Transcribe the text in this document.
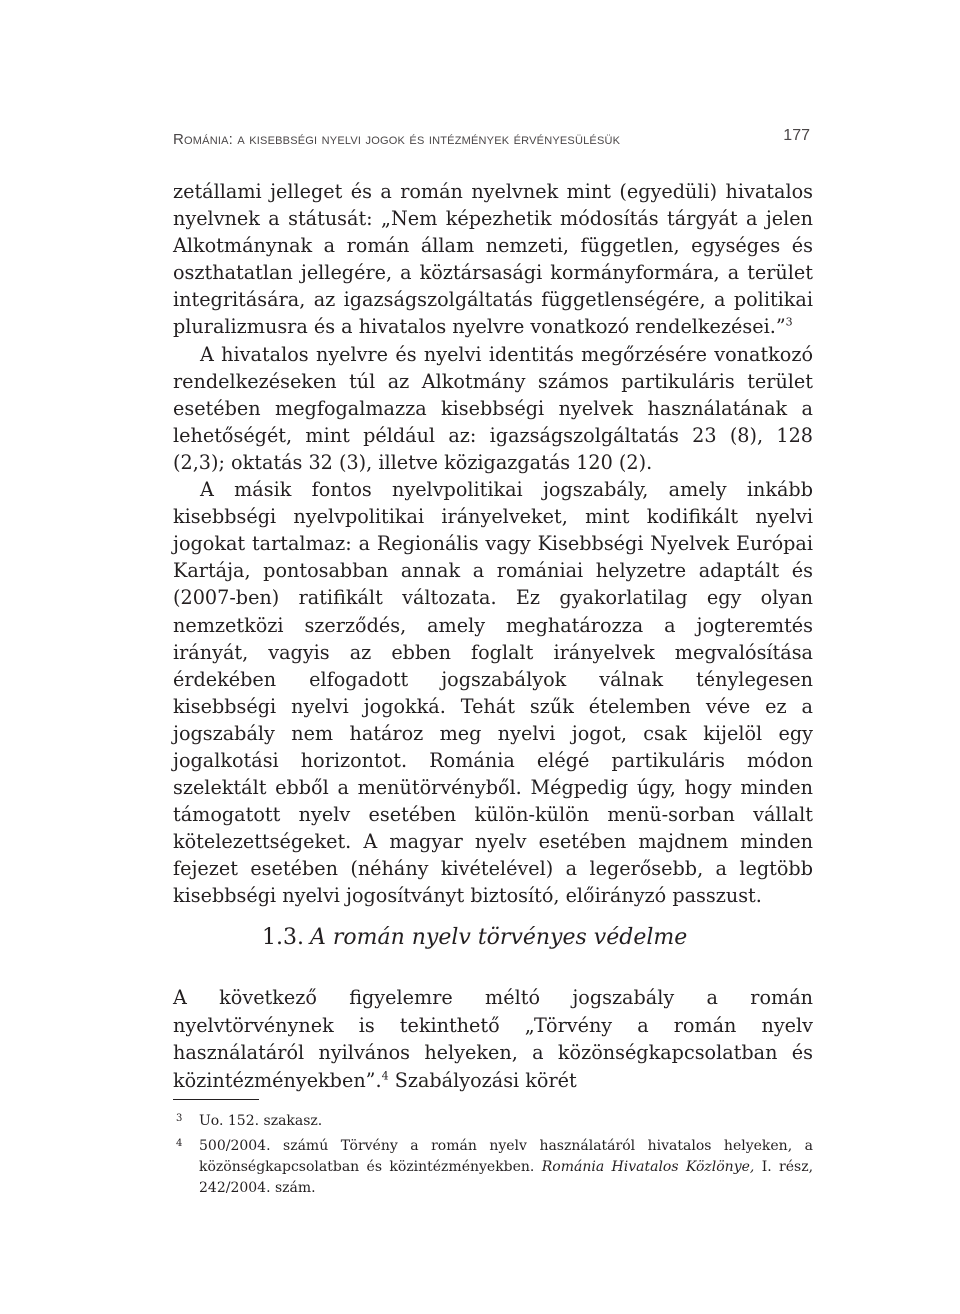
Románia: a kisebbségi nyelvi jogok és intézmények érvényesülésük	177

zetállami jelleget és a román nyelvnek mint (egyedüli) hivatalos nyelvnek a státusát: „Nem képezhetik módosítás tárgyát a jelen Alkotmánynak a román állam nemzeti, független, egységes és oszthatatlan jellegére, a köztársasági kormányformára, a terület integritására, az igazságszolgáltatás függetlenségére, a politikai pluralizmusra és a hivatalos nyelvre vonatkozó rendelkezései.”$^3$

A hivatalos nyelvre és nyelvi identitás megőrzésére vonatkozó rendelkezéseken túl az Alkotmány számos partikuláris terület esetében megfogalmazza kisebbségi nyelvek használatának a lehetőségét, mint például az: igazságszolgáltatás 23 (8), 128 (2,3); oktatás 32 (3), illetve közigazgatás 120 (2).

A másik fontos nyelvpolitikai jogszabály, amely inkább kisebbségi nyelvpolitikai irányelveket, mint kodifikált nyelvi jogokat tartalmaz: a Regionális vagy Kisebbségi Nyelvek Európai Kartája, pontosabban annak a romániai helyzetre adaptált és (2007-ben) ratifikált változata. Ez gyakorlatilag egy olyan nemzetközi szerződés, amely meghatározza a jogteremtés irányát, vagyis az ebben foglalt irányelvek megvalósítása érdekében elfogadott jogszabályok válnak ténylegesen kisebbségi nyelvi jogokká. Tehát szűk ételemben véve ez a jogszabály nem határoz meg nyelvi jogot, csak kijelöl egy jogalkotási horizontot. Románia elégé partikuláris módon szelektált ebből a menütörvényből. Mégpedig úgy, hogy minden támogatott nyelv esetében külön-külön menü-sorban vállalt kötelezettségeket. A magyar nyelv esetében majdnem minden fejezet esetében (néhány kivételével) a legerősebb, a legtöbb kisebbségi nyelvi jogosítványt biztosító, előirányzó passzust.

1.3. A román nyelv törvényes védelme

A következő figyelemre méltó jogszabály a román nyelvtörvénynek is tekinthető „Törvény a román nyelv használatáról nyilvános helyeken, a közönségkapcsolatban és közintézményekben”.$^4$ Szabályozási körét

3 Uo. 152. szakasz.
4 500/2004. számú Törvény a román nyelv használatáról hivatalos helyeken, a közönségkapcsolatban és közintézményekben. Románia Hivatalos Közlönye, I. rész, 242/2004. szám.
